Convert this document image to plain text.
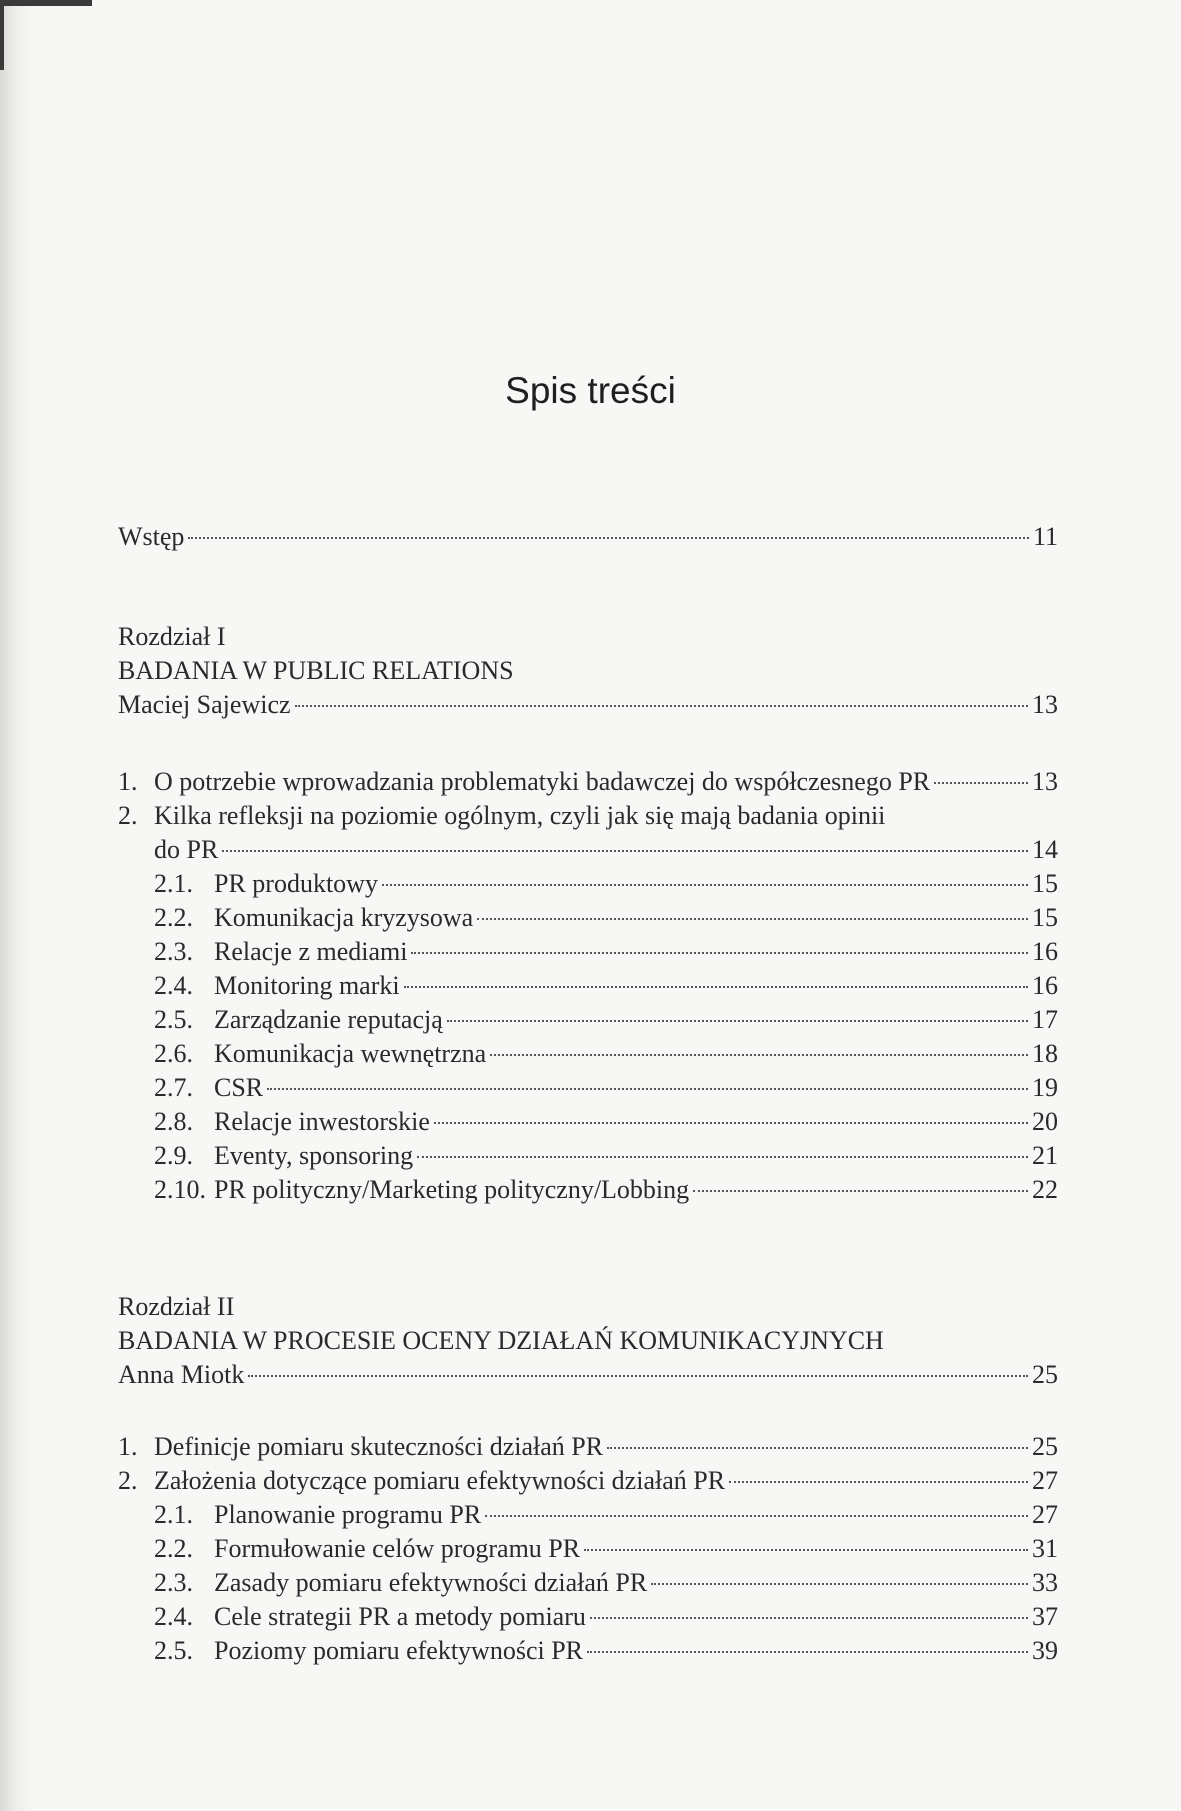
Spis treści
Wstęp	11
Rozdział I
BADANIA W PUBLIC RELATIONS
Maciej Sajewicz	13
1. O potrzebie wprowadzania problematyki badawczej do współczesnego PR	13
2. Kilka refleksji na poziomie ogólnym, czyli jak się mają badania opinii
do PR	14
2.1. PR produktowy	15
2.2. Komunikacja kryzysowa	15
2.3. Relacje z mediami	16
2.4. Monitoring marki	16
2.5. Zarządzanie reputacją	17
2.6. Komunikacja wewnętrzna	18
2.7. CSR	19
2.8. Relacje inwestorskie	20
2.9. Eventy, sponsoring	21
2.10. PR polityczny/Marketing polityczny/Lobbing	22
Rozdział II
BADANIA W PROCESIE OCENY DZIAŁAŃ KOMUNIKACYJNYCH
Anna Miotk	25
1. Definicje pomiaru skuteczności działań PR	25
2. Założenia dotyczące pomiaru efektywności działań PR	27
2.1. Planowanie programu PR	27
2.2. Formułowanie celów programu PR	31
2.3. Zasady pomiaru efektywności działań PR	33
2.4. Cele strategii PR a metody pomiaru	37
2.5. Poziomy pomiaru efektywności PR	39
